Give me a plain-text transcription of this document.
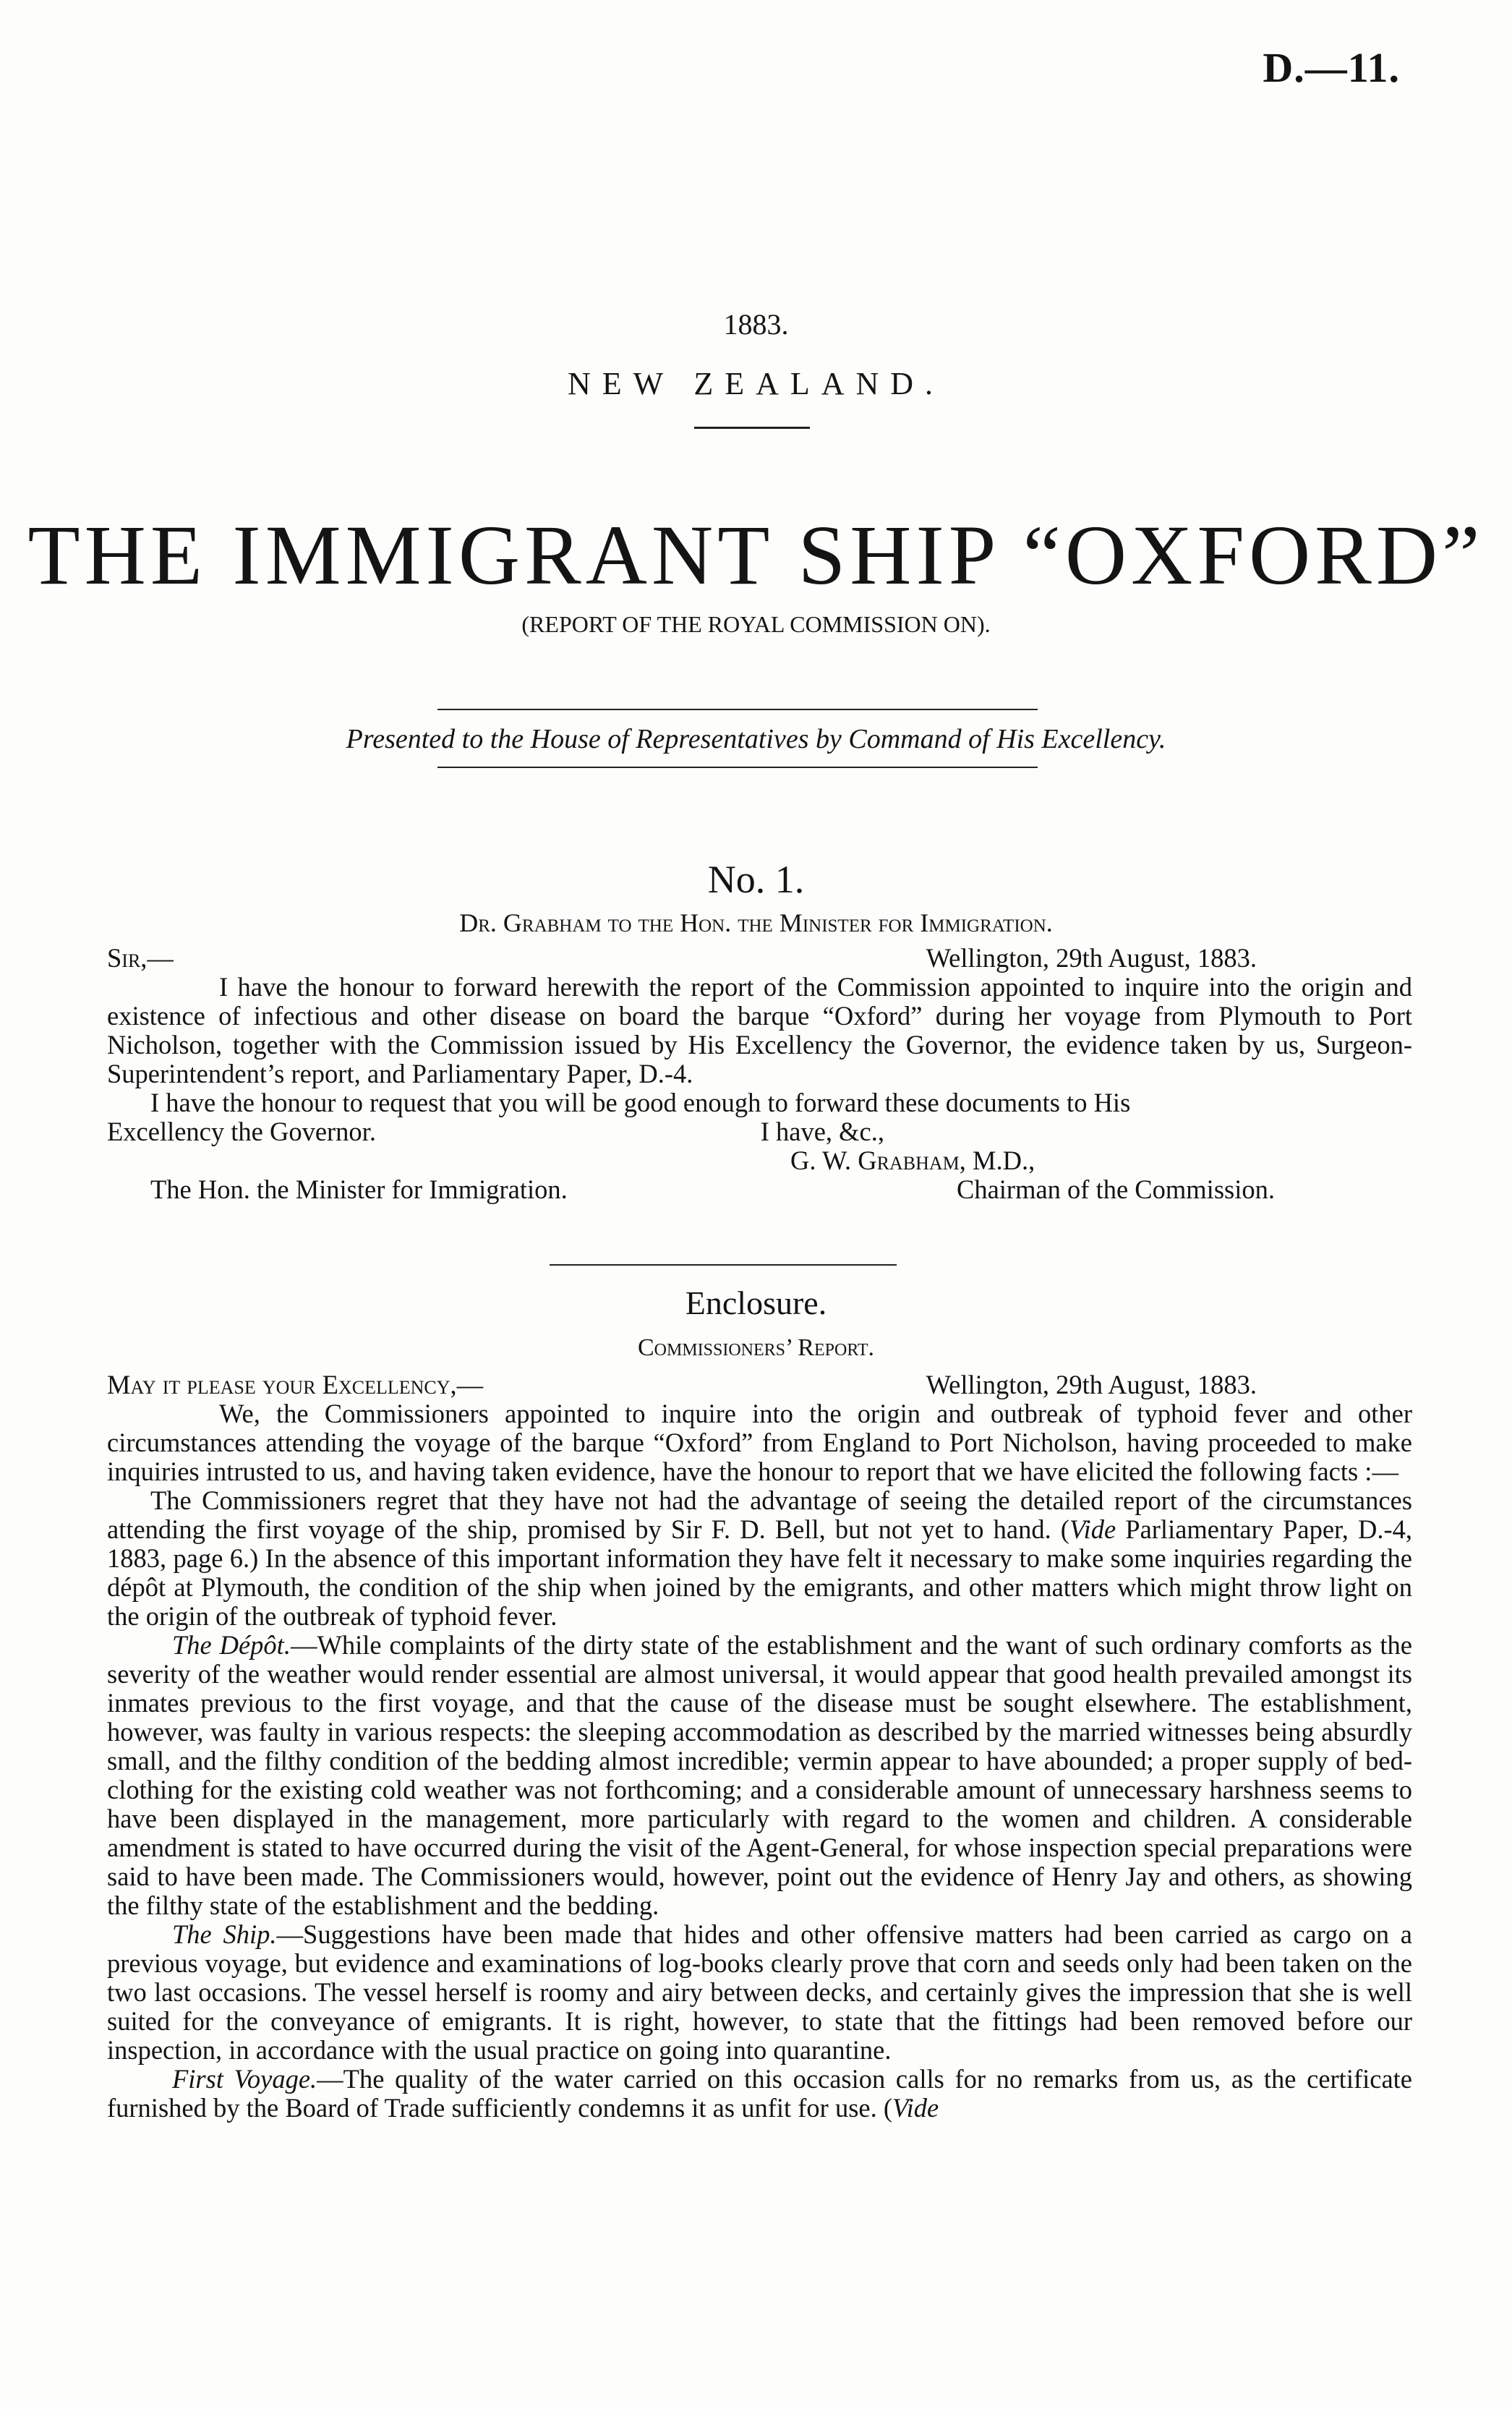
D.—11.
1883.
NEW ZEALAND.
THE IMMIGRANT SHIP “OXFORD”
(REPORT OF THE ROYAL COMMISSION ON).
Presented to the House of Representatives by Command of His Excellency.
No. 1.
Dr. Grabham to the Hon. the Minister for Immigration.
Sir,—	Wellington, 29th August, 1883.

I have the honour to forward herewith the report of the Commission appointed to inquire into the origin and existence of infectious and other disease on board the barque “Oxford” during her voyage from Plymouth to Port Nicholson, together with the Commission issued by His Excellency the Governor, the evidence taken by us, Surgeon-Superintendent’s report, and Parliamentary Paper, D.-4.

I have the honour to request that you will be good enough to forward these documents to His
Excellency the Governor.	I have, &c.,
G. W. Grabham, M.D.,
The Hon. the Minister for Immigration.	Chairman of the Commission.
Enclosure.
Commissioners’ Report.
May it please your Excellency,—	Wellington, 29th August, 1883.

We, the Commissioners appointed to inquire into the origin and outbreak of typhoid fever and other circumstances attending the voyage of the barque “Oxford” from England to Port Nicholson, having proceeded to make inquiries intrusted to us, and having taken evidence, have the honour to report that we have elicited the following facts :—

The Commissioners regret that they have not had the advantage of seeing the detailed report of the circumstances attending the first voyage of the ship, promised by Sir F. D. Bell, but not yet to hand. (Vide Parliamentary Paper, D.-4, 1883, page 6.) In the absence of this important information they have felt it necessary to make some inquiries regarding the dépôt at Plymouth, the condition of the ship when joined by the emigrants, and other matters which might throw light on the origin of the outbreak of typhoid fever.

The Dépôt.—While complaints of the dirty state of the establishment and the want of such ordinary comforts as the severity of the weather would render essential are almost universal, it would appear that good health prevailed amongst its inmates previous to the first voyage, and that the cause of the disease must be sought elsewhere. The establishment, however, was faulty in various respects: the sleeping accommodation as described by the married witnesses being absurdly small, and the filthy condition of the bedding almost incredible; vermin appear to have abounded; a proper supply of bed-clothing for the existing cold weather was not forthcoming; and a considerable amount of unnecessary harshness seems to have been displayed in the management, more particularly with regard to the women and children. A considerable amendment is stated to have occurred during the visit of the Agent-General, for whose inspection special preparations were said to have been made. The Commissioners would, however, point out the evidence of Henry Jay and others, as showing the filthy state of the establishment and the bedding.

The Ship.—Suggestions have been made that hides and other offensive matters had been carried as cargo on a previous voyage, but evidence and examinations of log-books clearly prove that corn and seeds only had been taken on the two last occasions. The vessel herself is roomy and airy between decks, and certainly gives the impression that she is well suited for the conveyance of emigrants. It is right, however, to state that the fittings had been removed before our inspection, in accordance with the usual practice on going into quarantine.

First Voyage.—The quality of the water carried on this occasion calls for no remarks from us, as the certificate furnished by the Board of Trade sufficiently condemns it as unfit for use. (Vide
